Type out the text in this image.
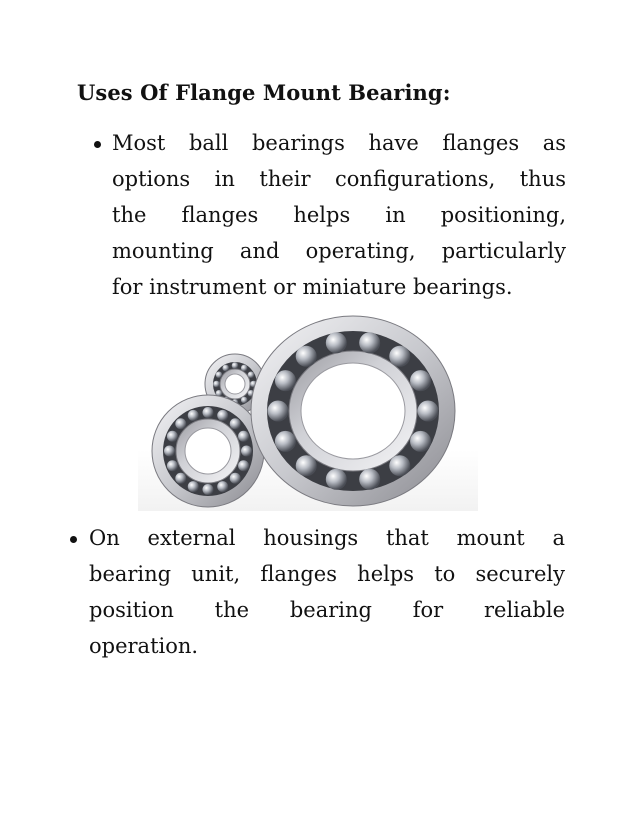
Uses Of Flange Mount Bearing:
Most ball bearings have flanges as
options in their configurations, thus
the flanges helps in positioning,
mounting and operating, particularly
for instrument or miniature bearings.
On external housings that mount a
bearing unit, flanges helps to securely
position the bearing for reliable
operation.
